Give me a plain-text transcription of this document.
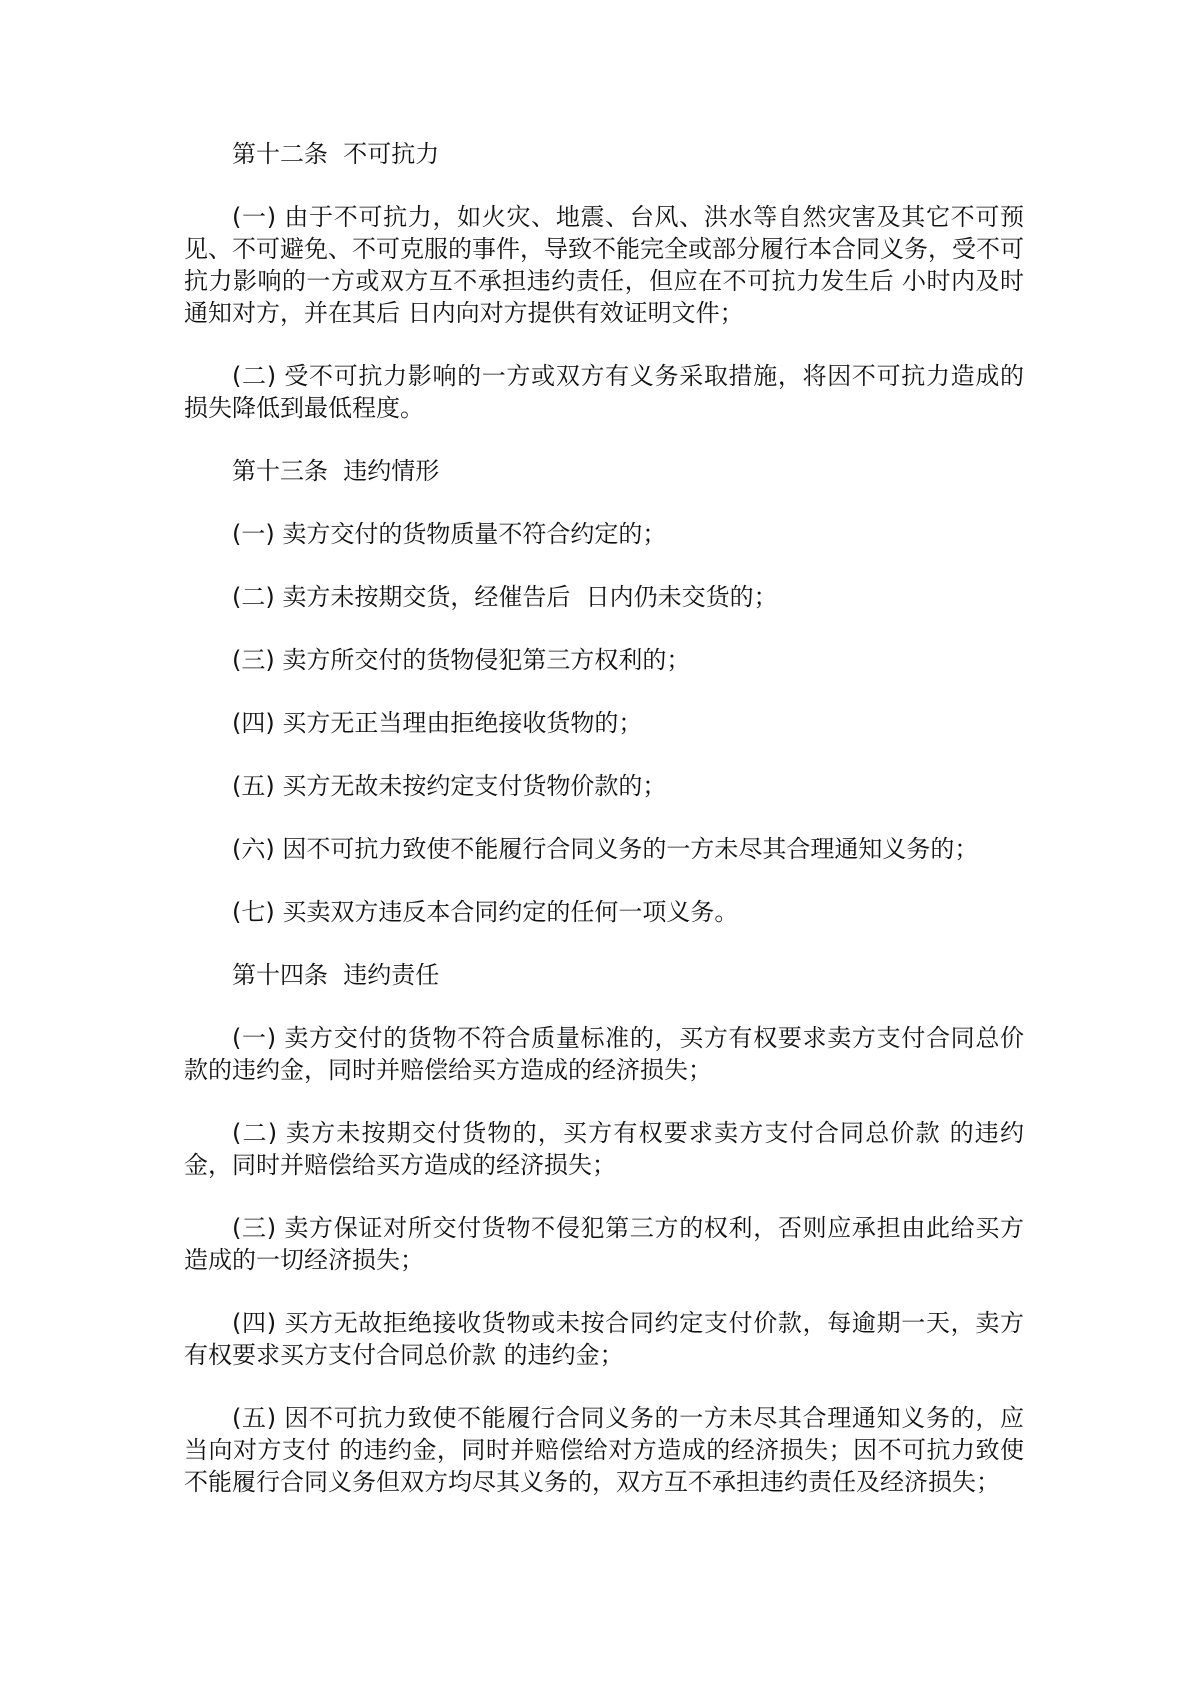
第十二条  不可抗力
(一) 由于不可抗力，如火灾、地震、台风、洪水等自然灾害及其它不可预见、不可避免、不可克服的事件，导致不能完全或部分履行本合同义务，受不可抗力影响的一方或双方互不承担违约责任，但应在不可抗力发生后 小时内及时通知对方，并在其后 日内向对方提供有效证明文件；
(二) 受不可抗力影响的一方或双方有义务采取措施，将因不可抗力造成的损失降低到最低程度。
第十三条  违约情形
(一) 卖方交付的货物质量不符合约定的；
(二) 卖方未按期交货，经催告后  日内仍未交货的；
(三) 卖方所交付的货物侵犯第三方权利的；
(四) 买方无正当理由拒绝接收货物的；
(五) 买方无故未按约定支付货物价款的；
(六) 因不可抗力致使不能履行合同义务的一方未尽其合理通知义务的；
(七) 买卖双方违反本合同约定的任何一项义务。
第十四条  违约责任
(一) 卖方交付的货物不符合质量标准的，买方有权要求卖方支付合同总价款的违约金，同时并赔偿给买方造成的经济损失；
(二) 卖方未按期交付货物的，买方有权要求卖方支付合同总价款 的违约金，同时并赔偿给买方造成的经济损失；
(三) 卖方保证对所交付货物不侵犯第三方的权利，否则应承担由此给买方造成的一切经济损失；
(四) 买方无故拒绝接收货物或未按合同约定支付价款，每逾期一天，卖方有权要求买方支付合同总价款 的违约金；
(五) 因不可抗力致使不能履行合同义务的一方未尽其合理通知义务的，应当向对方支付 的违约金，同时并赔偿给对方造成的经济损失；因不可抗力致使不能履行合同义务但双方均尽其义务的，双方互不承担违约责任及经济损失；
